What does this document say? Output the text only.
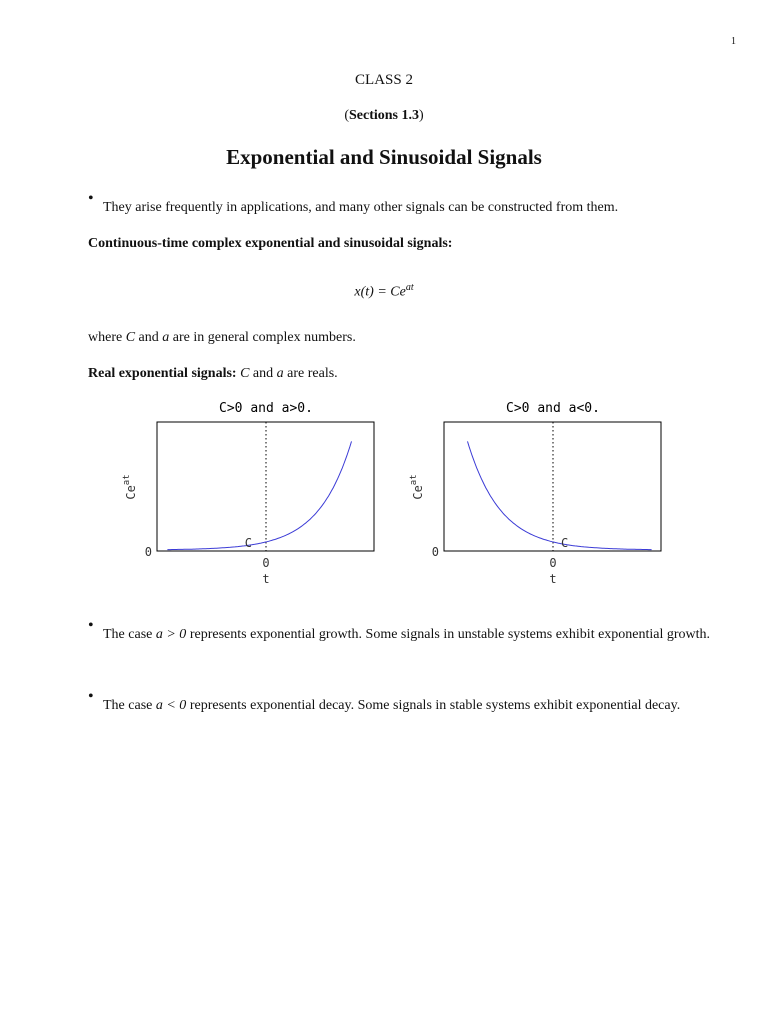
1
CLASS 2
(Sections 1.3)
Exponential and Sinusoidal Signals
•
They arise frequently in applications, and many other signals can be constructed from them.
Continuous-time complex exponential and sinusoidal signals:
$x(t) = Ce^{at}$
where C and a are in general complex numbers.
Real exponential signals: C and a are reals.
C>0 and a>0.
C
0
0
t
$Ce^{at}$
C>0 and a<0.
C
0
0
t
$Ce^{at}$
•
The case a > 0 represents exponential growth. Some signals in unstable systems exhibit exponential growth.
•
The case a < 0 represents exponential decay. Some signals in stable systems exhibit exponential decay.
